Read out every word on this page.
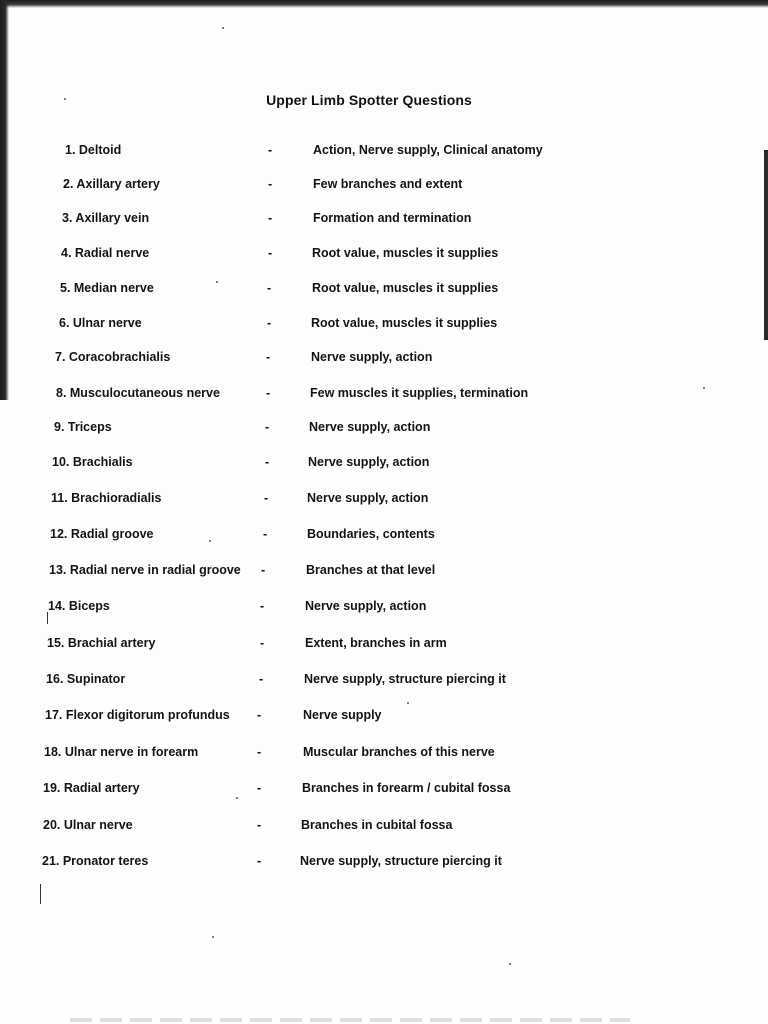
Upper Limb Spotter Questions
1. Deltoid	-	Action, Nerve supply, Clinical anatomy
2. Axillary artery	-	Few branches and extent
3. Axillary vein	-	Formation and termination
4. Radial nerve	-	Root value, muscles it supplies
5. Median nerve	-	Root value, muscles it supplies
6. Ulnar nerve	-	Root value, muscles it supplies
7. Coracobrachialis	-	Nerve supply, action
8. Musculocutaneous nerve	-	Few muscles it supplies, termination
9. Triceps	-	Nerve supply, action
10. Brachialis	-	Nerve supply, action
11. Brachioradialis	-	Nerve supply, action
12. Radial groove	-	Boundaries, contents
13. Radial nerve in radial groove -	Branches at that level
14. Biceps	-	Nerve supply, action
15. Brachial artery	-	Extent, branches in arm
16. Supinator	-	Nerve supply, structure piercing it
17. Flexor digitorum profundus -	Nerve supply
18. Ulnar nerve in forearm	-	Muscular branches of this nerve
19. Radial artery	-	Branches in forearm / cubital fossa
20. Ulnar nerve	-	Branches in cubital fossa
21. Pronator teres	-	Nerve supply, structure piercing it
